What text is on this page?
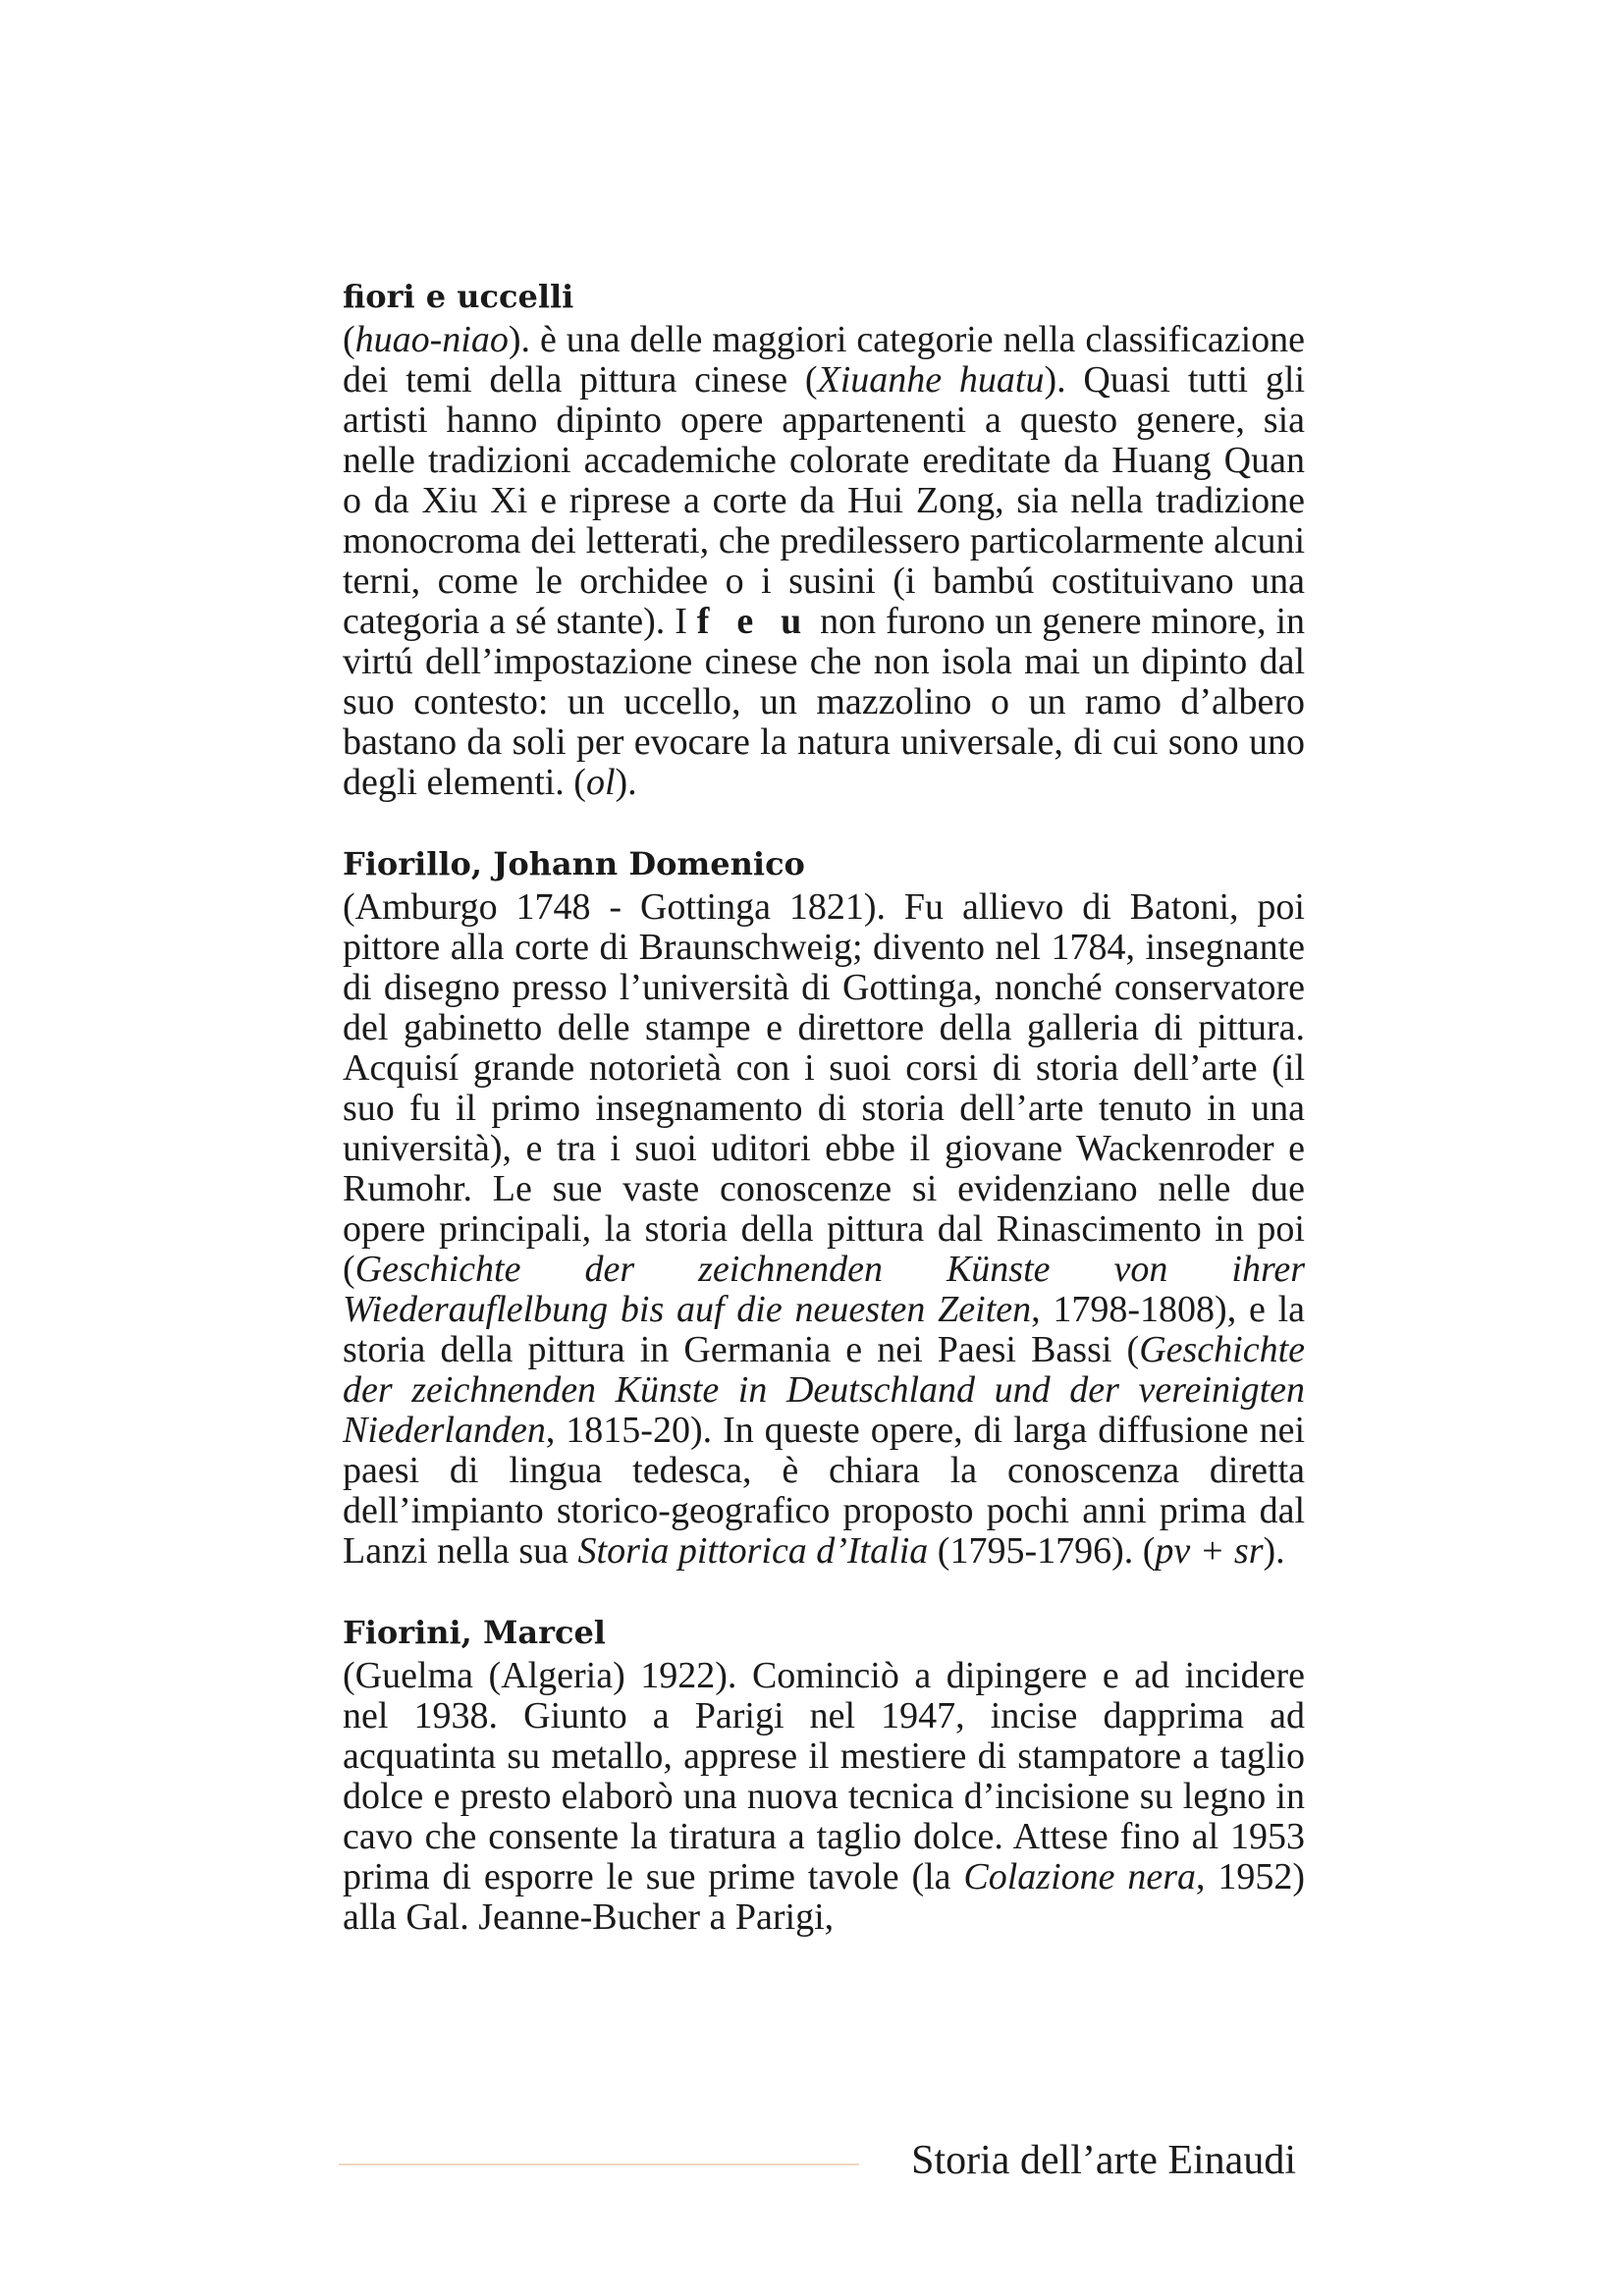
fiori e uccelli

(huao-niao). è una delle maggiori categorie nella classificazione dei temi della pittura cinese (Xiuanhe huatu). Quasi tutti gli artisti hanno dipinto opere appartenenti a questo genere, sia nelle tradizioni accademiche colorate ereditate da Huang Quan o da Xiu Xi e riprese a corte da Hui Zong, sia nella tradizione monocroma dei letterati, che predilessero particolarmente alcuni terni, come le orchidee o i susini (i bambú costituivano una categoria a sé stante). I f e u non furono un genere minore, in virtú dell’impostazione cinese che non isola mai un dipinto dal suo contesto: un uccello, un mazzolino o un ramo d’albero bastano da soli per evocare la natura universale, di cui sono uno degli elementi. (ol).

Fiorillo, Johann Domenico

(Amburgo 1748 - Gottinga 1821). Fu allievo di Batoni, poi pittore alla corte di Braunschweig; divento nel 1784, insegnante di disegno presso l’università di Gottinga, nonché conservatore del gabinetto delle stampe e direttore della galleria di pittura. Acquisí grande notorietà con i suoi corsi di storia dell’arte (il suo fu il primo insegnamento di storia dell’arte tenuto in una università), e tra i suoi uditori ebbe il giovane Wackenroder e Rumohr. Le sue vaste conoscenze si evidenziano nelle due opere principali, la storia della pittura dal Rinascimento in poi (Geschichte der zeichnenden Künste von ihrer Wiederauflelbung bis auf die neuesten Zeiten, 1798-1808), e la storia della pittura in Germania e nei Paesi Bassi (Geschichte der zeichnenden Künste in Deutschland und der vereinigten Niederlanden, 1815-20). In queste opere, di larga diffusione nei paesi di lingua tedesca, è chiara la conoscenza diretta dell’impianto storico-geografico proposto pochi anni prima dal Lanzi nella sua Storia pittorica d’Italia (1795-1796). (pv + sr).

Fiorini, Marcel

(Guelma (Algeria) 1922). Cominciò a dipingere e ad incidere nel 1938. Giunto a Parigi nel 1947, incise dapprima ad acquatinta su metallo, apprese il mestiere di stampatore a taglio dolce e presto elaborò una nuova tecnica d’incisione su legno in cavo che consente la tiratura a taglio dolce. Attese fino al 1953 prima di esporre le sue prime tavole (la Colazione nera, 1952) alla Gal. Jeanne-Bucher a Parigi,

Storia dell’arte Einaudi
